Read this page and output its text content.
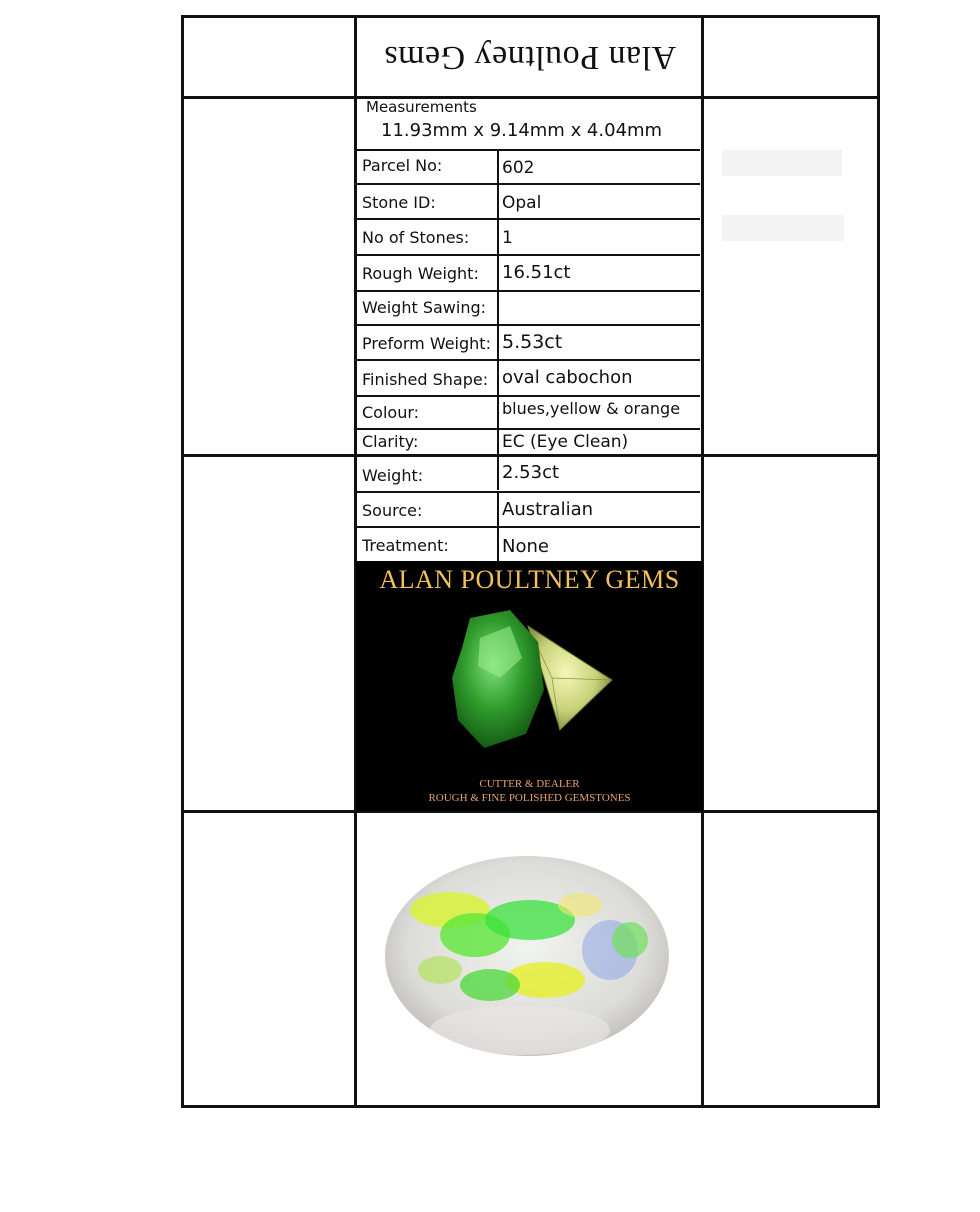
Alan Poultney Gems
Measurements
11.93mm x 9.14mm x 4.04mm
Parcel No:	602
Stone ID:	Opal
No of Stones: 1
Rough Weight: 16.51ct
Weight Sawing:
Preform Weight: 5.53ct
Finished Shape: oval cabochon
Colour:	blues,yellow & orange
Clarity:	EC (Eye Clean)
Weight:	2.53ct
Source:	Australian
Treatment:	None
ALAN POULTNEY GEMS
CUTTER & DEALER
ROUGH & FINE POLISHED GEMSTONES
